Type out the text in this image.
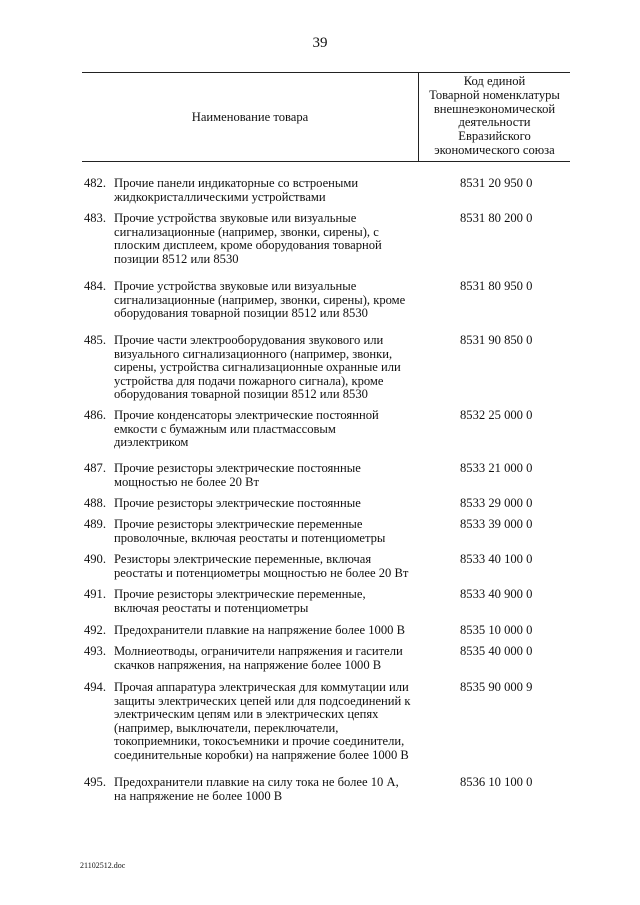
39
Наименование товара
Код единой
Товарной номенклатуры
внешнеэкономической
деятельности
Евразийского
экономического союза
482. Прочие панели индикаторные со встроеными
жидкокристаллическими устройствами
8531 20 950 0
483. Прочие устройства звуковые или визуальные
сигнализационные (например, звонки, сирены), с
плоским дисплеем, кроме оборудования товарной
позиции 8512 или 8530
8531 80 200 0
484. Прочие устройства звуковые или визуальные
сигнализационные (например, звонки, сирены), кроме
оборудования товарной позиции 8512 или 8530
8531 80 950 0
485. Прочие части электрооборудования звукового или
визуального сигнализационного (например, звонки,
сирены, устройства сигнализационные охранные или
устройства для подачи пожарного сигнала), кроме
оборудования товарной позиции 8512 или 8530
8531 90 850 0
486. Прочие конденсаторы электрические постоянной
емкости с бумажным или пластмассовым
диэлектриком
8532 25 000 0
487. Прочие резисторы электрические постоянные
мощностью не более 20 Вт
8533 21 000 0
488. Прочие резисторы электрические постоянные	8533 29 000 0
489. Прочие резисторы электрические переменные
проволочные, включая реостаты и потенциометры
8533 39 000 0
490. Резисторы электрические переменные, включая
реостаты и потенциометры мощностью не более 20 Вт
8533 40 100 0
491. Прочие резисторы электрические переменные,
включая реостаты и потенциометры
8533 40 900 0
492. Предохранители плавкие на напряжение более 1000 В	8535 10 000 0
493. Молниеотводы, ограничители напряжения и гасители
скачков напряжения, на напряжение более 1000 В
8535 40 000 0
494. Прочая аппаратура электрическая для коммутации или
защиты электрических цепей или для подсоединений к
электрическим цепям или в электрических цепях
(например, выключатели, переключатели,
токоприемники, токосъемники и прочие соединители,
соединительные коробки) на напряжение более 1000 В
8535 90 000 9
495. Предохранители плавкие на силу тока не более 10 А,
на напряжение не более 1000 В
8536 10 100 0
21102512.doc
